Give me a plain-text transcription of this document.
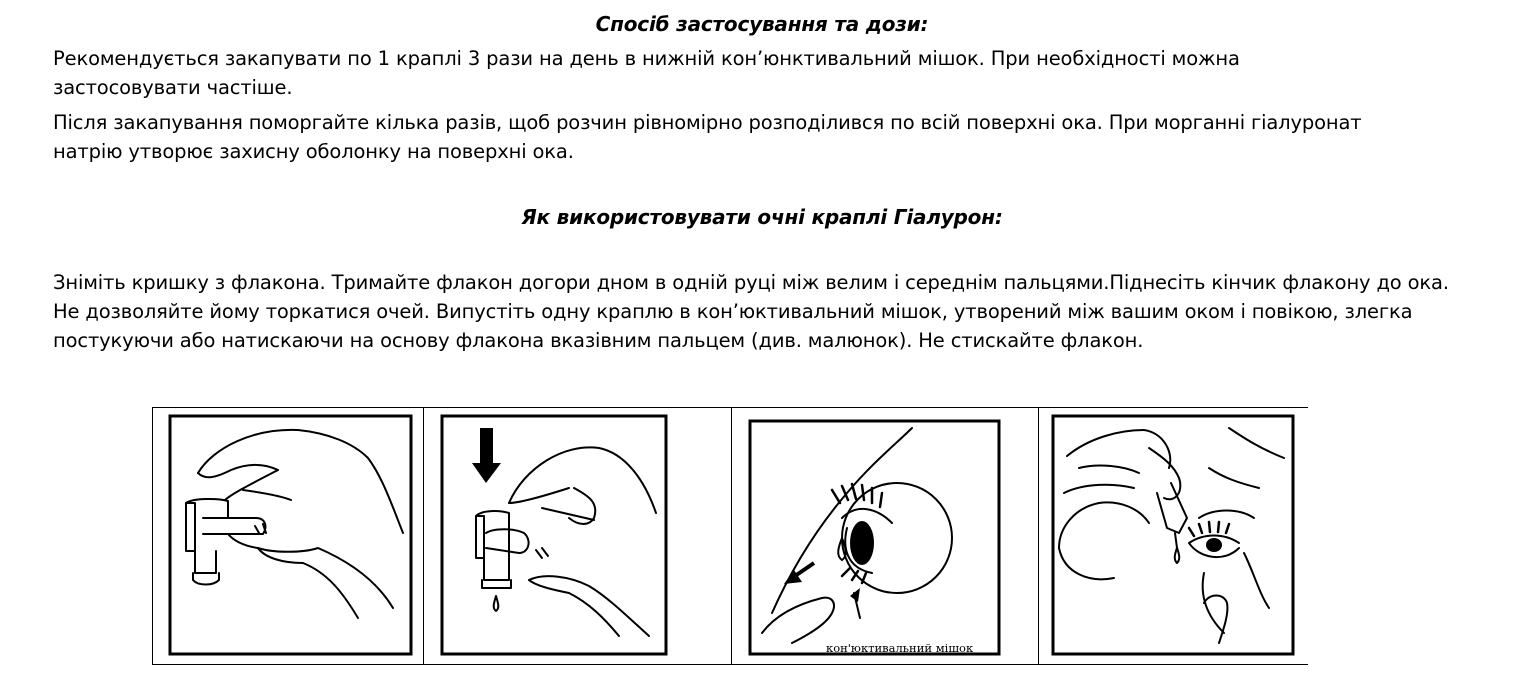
Спосіб застосування та дози:
Рекомендується закапувати по 1 краплі 3 рази на день в нижній кон’юнктивальний мішок. При необхідності можна застосовувати частіше.
Після закапування поморгайте кілька разів, щоб розчин рівномірно розподілився по всій поверхні ока. При морганні гіалуронат натрію утворює захисну оболонку на поверхні ока.
Як використовувати очні краплі Гіалурон:
Зніміть кришку з флакона. Тримайте флакон догори дном в одній руці між велим і середнім пальцями.Піднесіть кінчик флакону до ока. Не дозволяйте йому торкатися очей. Випустіть одну краплю в кон’юктивальний мішок, утворений між вашим оком і повікою, злегка постукуючи або натискаючи на основу флакона вказівним пальцем (див. малюнок). Не стискайте флакон.
кон'юктивальний мішок
